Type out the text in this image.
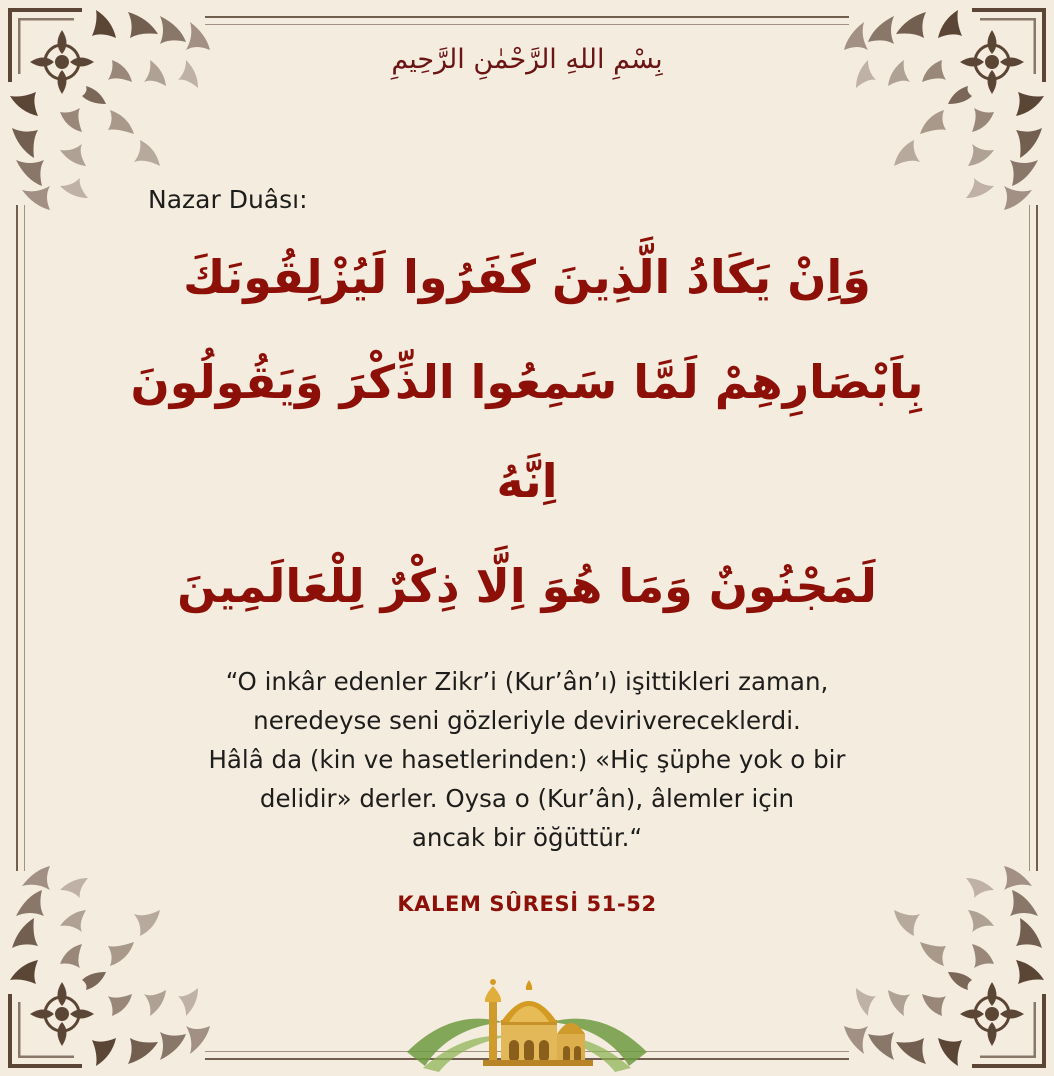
بِسْمِ اللهِ الرَّحْمٰنِ الرَّحِيمِ
Nazar Duâsı:
وَاِنْ يَكَادُ الَّذِينَ كَفَرُوا لَيُزْلِقُونَكَ
بِاَبْصَارِهِمْ لَمَّا سَمِعُوا الذِّكْرَ وَيَقُولُونَ اِنَّهُ
لَمَجْنُونٌ وَمَا هُوَ اِلَّا ذِكْرٌ لِلْعَالَمِينَ
“O inkâr edenler Zikr’i (Kur’ân’ı) işittikleri zaman,
neredeyse seni gözleriyle devirivereceklerdi.
Hâlâ da (kin ve hasetlerinden:) «Hiç şüphe yok o bir
delidir» derler. Oysa o (Kur’ân), âlemler için
ancak bir öğüttür.“
KALEM SÛRESİ 51-52
